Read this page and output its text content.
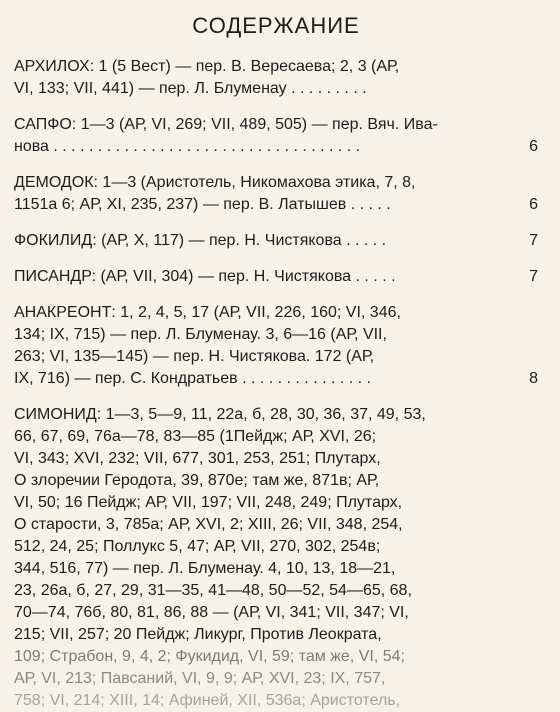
СОДЕРЖАНИЕ
АРХИЛОХ: 1 (5 Вест) — пер. В. Вересаева; 2, 3 (АР,
VI, 133; VII, 441) — пер. Л. Блуменау . . . . . . . . .
САПФО: 1—3 (АР, VI, 269; VII, 489, 505) — пер. Вяч. Ива-
нова . . . . . . . . . . . . . . . . . . . . . . . . . . . . . . . . . . .	6
ДЕМОДОК: 1—3 (Аристотель, Никомахова этика, 7, 8,
1151а 6; АР, XI, 235, 237) — пер. В. Латышев . . . . .	6
ФОКИЛИД: (АР, X, 117) — пер. Н. Чистякова . . . . .	7
ПИСАНДР: (АР, VII, 304) — пер. Н. Чистякова . . . . .	7
АНАКРЕОНТ: 1, 2, 4, 5, 17 (АР, VII, 226, 160; VI, 346,
134; IX, 715) — пер. Л. Блуменау. 3, 6—16 (АР, VII,
263; VI, 135—145) — пер. Н. Чистякова. 172 (АР,
IX, 716) — пер. С. Кондратьев . . . . . . . . . . . . . . .	8
СИМОНИД: 1—3, 5—9, 11, 22а, б, 28, 30, 36, 37, 49, 53,
66, 67, 69, 76а—78, 83—85 (1Пейдж; АР, XVI, 26;
VI, 343; XVI, 232; VII, 677, 301, 253, 251; Плутарх,
О злоречии Геродота, 39, 870е; там же, 871в; АР,
VI, 50; 16 Пейдж; АР, VII, 197; VII, 248, 249; Плутарх,
О старости, 3, 785а; АР, XVI, 2; XIII, 26; VII, 348, 254,
512, 24, 25; Поллукс 5, 47; АР, VII, 270, 302, 254в;
344, 516, 77) — пер. Л. Блуменау. 4, 10, 13, 18—21,
23, 26а, б, 27, 29, 31—35, 41—48, 50—52, 54—65, 68,
70—74, 76б, 80, 81, 86, 88 — (АР, VI, 341; VII, 347; VI,
215; VII, 257; 20 Пейдж; Ликург, Против Леократа,
109; Страбон, 9, 4, 2; Фукидид, VI, 59; там же, VI, 54;
АР, VI, 213; Павсаний, VI, 9, 9; АР, XVI, 23; IX, 757,
758; VI, 214; XIII, 14; Афиней, XII, 536а; Аристотель,
